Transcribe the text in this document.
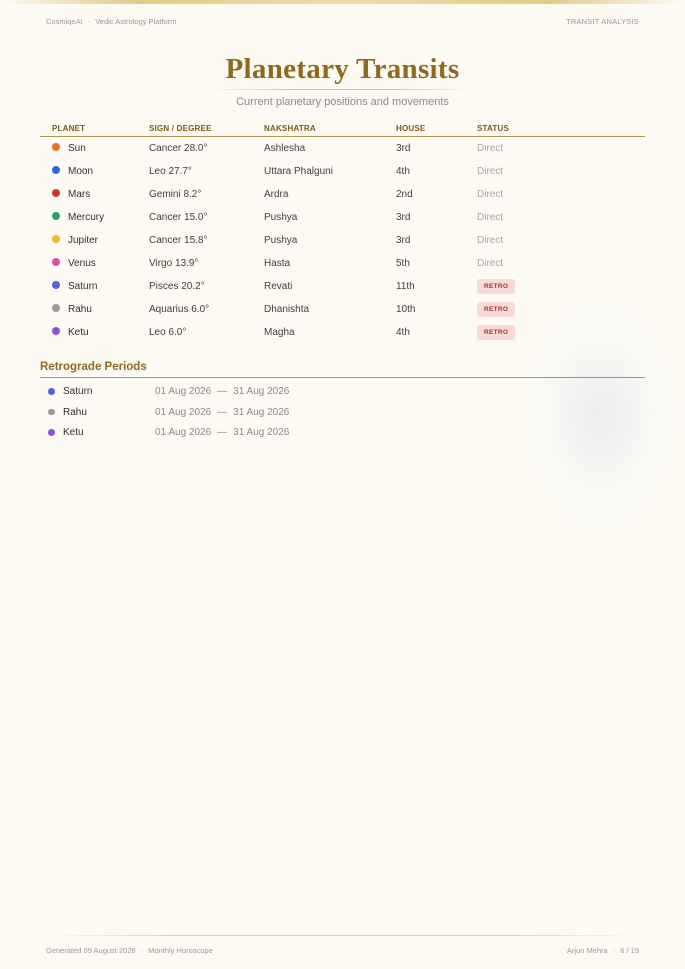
CosmiqeAI · Vedic Astrology Platform	TRANSIT ANALYSIS
Planetary Transits
Current planetary positions and movements
PLANET	SIGN / DEGREE	NAKSHATRA	HOUSE	STATUS
Sun	Cancer 28.0°	Ashlesha	3rd	Direct
Moon	Leo 27.7°	Uttara Phalguni	4th	Direct
Mars	Gemini 8.2°	Ardra	2nd	Direct
Mercury	Cancer 15.0°	Pushya	3rd	Direct
Jupiter	Cancer 15.8°	Pushya	3rd	Direct
Venus	Virgo 13.9°	Hasta	5th	Direct
Saturn	Pisces 20.2°	Revati	11th	RETRO
Rahu	Aquarius 6.0°	Dhanishta	10th	RETRO
Ketu	Leo 6.0°	Magha	4th	RETRO
Retrograde Periods
Saturn	01 Aug 2026 — 31 Aug 2026
Rahu	01 Aug 2026 — 31 Aug 2026
Ketu	01 Aug 2026 — 31 Aug 2026
Generated 09 August 2026 · Monthly Horoscope	Arjun Mehra · 6 / 19
